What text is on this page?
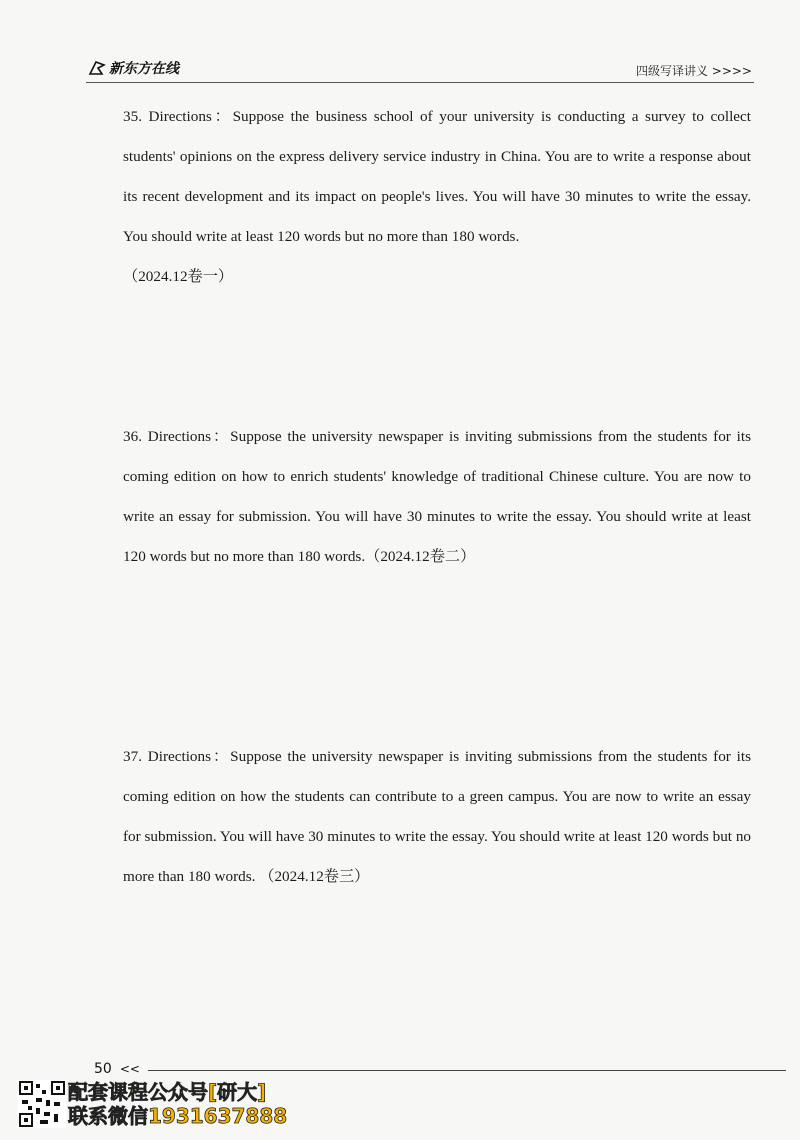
新东方在线	四级写译讲义 >>>>

35. Directions：Suppose the business school of your university is conducting a survey to collect students' opinions on the express delivery service industry in China. You are to write a response about its recent development and its impact on people's lives. You will have 30 minutes to write the essay. You should write at least 120 words but no more than 180 words.
（2024.12卷一）

36. Directions：Suppose the university newspaper is inviting submissions from the students for its coming edition on how to enrich students' knowledge of traditional Chinese culture. You are now to write an essay for submission. You will have 30 minutes to write the essay. You should write at least 120 words but no more than 180 words.（2024.12卷二）

37. Directions：Suppose the university newspaper is inviting submissions from the students for its coming edition on how the students can contribute to a green campus. You are now to write an essay for submission. You will have 30 minutes to write the essay. You should write at least 120 words but no more than 180 words. （2024.12卷三）

50 <<
配套课程公众号[研大]
联系微信1931637888
